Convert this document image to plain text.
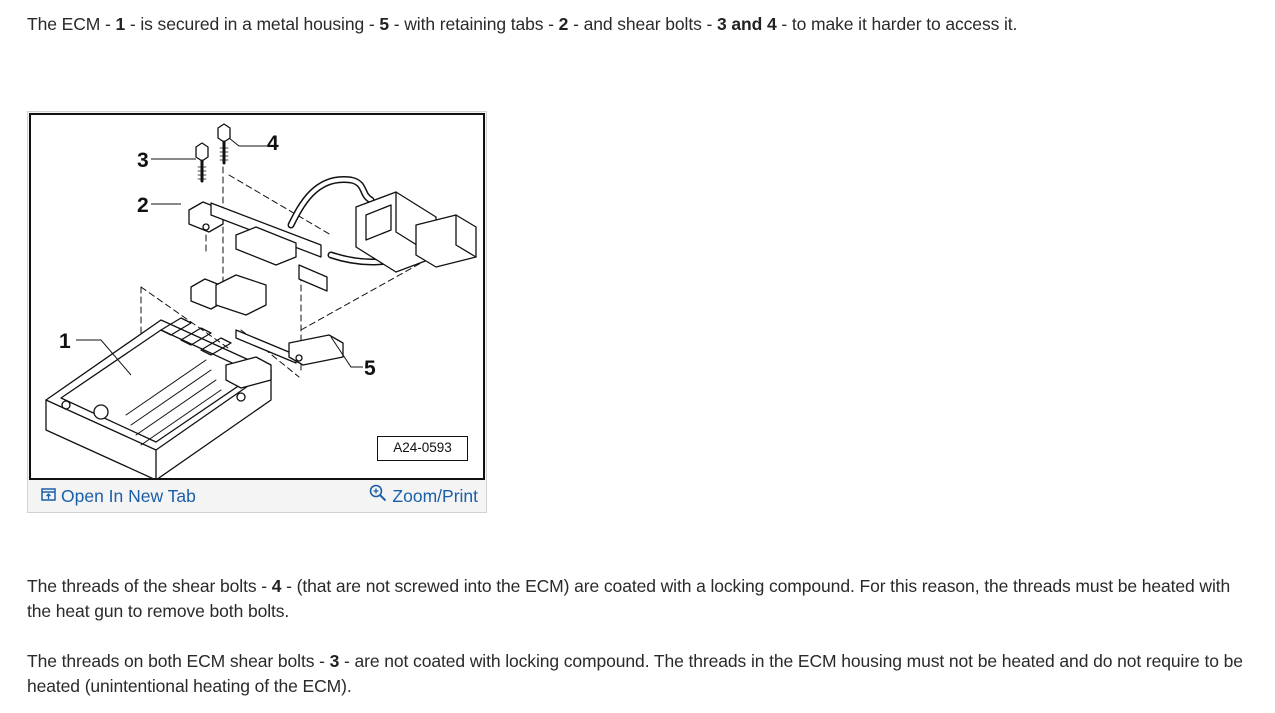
The ECM - 1 - is secured in a metal housing - 5 - with retaining tabs - 2 - and shear bolts - 3 and 4 - to make it harder to access it.

3
2
4
1
5
A24-0593
Open In New Tab	Zoom/Print

The threads of the shear bolts - 4 - (that are not screwed into the ECM) are coated with a locking compound. For this reason, the threads must be heated with the heat gun to remove both bolts.

The threads on both ECM shear bolts - 3 - are not coated with locking compound. The threads in the ECM housing must not be heated and do not require to be heated (unintentional heating of the ECM).
